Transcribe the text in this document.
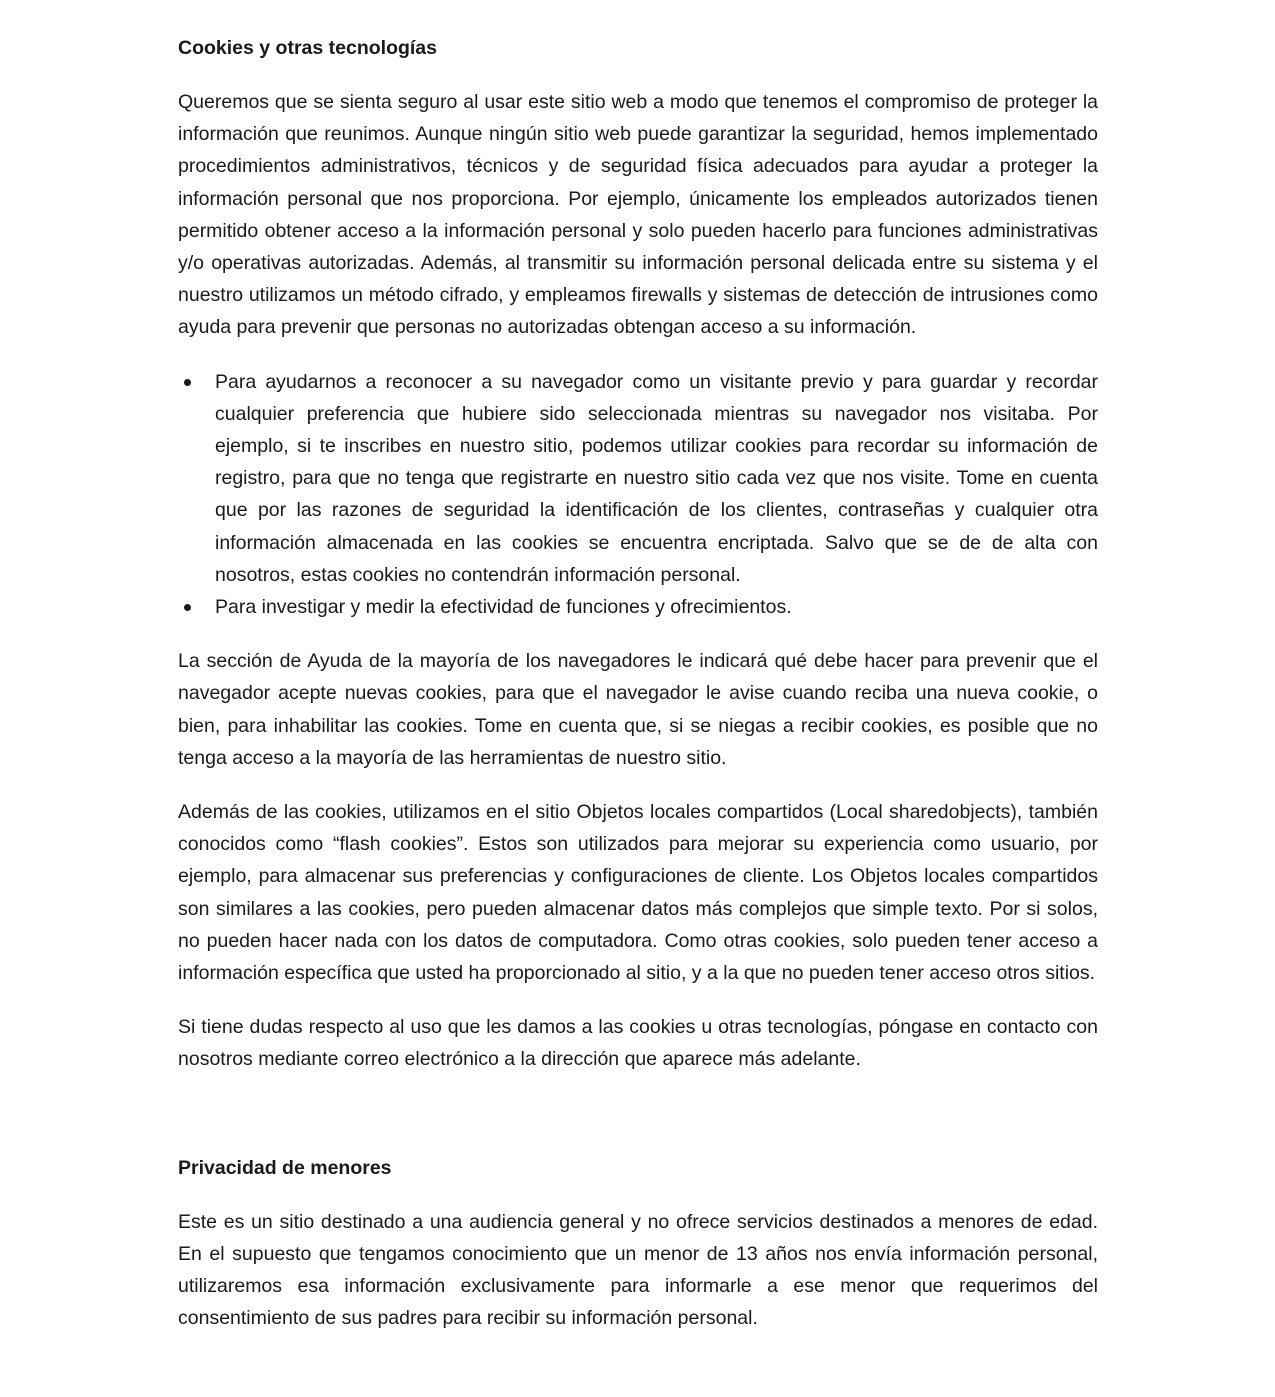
Cookies y otras tecnologías

Queremos que se sienta seguro al usar este sitio web a modo que tenemos el compromiso de proteger la información que reunimos. Aunque ningún sitio web puede garantizar la seguridad, hemos implementado procedimientos administrativos, técnicos y de seguridad física adecuados para ayudar a proteger la información personal que nos proporciona. Por ejemplo, únicamente los empleados autorizados tienen permitido obtener acceso a la información personal y solo pueden hacerlo para funciones administrativas y/o operativas autorizadas. Además, al transmitir su información personal delicada entre su sistema y el nuestro utilizamos un método cifrado, y empleamos firewalls y sistemas de detección de intrusiones como ayuda para prevenir que personas no autorizadas obtengan acceso a su información.

Para ayudarnos a reconocer a su navegador como un visitante previo y para guardar y recordar cualquier preferencia que hubiere sido seleccionada mientras su navegador nos visitaba. Por ejemplo, si te inscribes en nuestro sitio, podemos utilizar cookies para recordar su información de registro, para que no tenga que registrarte en nuestro sitio cada vez que nos visite. Tome en cuenta que por las razones de seguridad la identificación de los clientes, contraseñas y cualquier otra información almacenada en las cookies se encuentra encriptada. Salvo que se de de alta con nosotros, estas cookies no contendrán información personal.
Para investigar y medir la efectividad de funciones y ofrecimientos.

La sección de Ayuda de la mayoría de los navegadores le indicará qué debe hacer para prevenir que el navegador acepte nuevas cookies, para que el navegador le avise cuando reciba una nueva cookie, o bien, para inhabilitar las cookies. Tome en cuenta que, si se niegas a recibir cookies, es posible que no tenga acceso a la mayoría de las herramientas de nuestro sitio.

Además de las cookies, utilizamos en el sitio Objetos locales compartidos (Local sharedobjects), también conocidos como “flash cookies”. Estos son utilizados para mejorar su experiencia como usuario, por ejemplo, para almacenar sus preferencias y configuraciones de cliente. Los Objetos locales compartidos son similares a las cookies, pero pueden almacenar datos más complejos que simple texto. Por si solos, no pueden hacer nada con los datos de computadora. Como otras cookies, solo pueden tener acceso a información específica que usted ha proporcionado al sitio, y a la que no pueden tener acceso otros sitios.

Si tiene dudas respecto al uso que les damos a las cookies u otras tecnologías, póngase en contacto con nosotros mediante correo electrónico a la dirección que aparece más adelante.

Privacidad de menores

Este es un sitio destinado a una audiencia general y no ofrece servicios destinados a menores de edad. En el supuesto que tengamos conocimiento que un menor de 13 años nos envía información personal, utilizaremos esa información exclusivamente para informarle a ese menor que requerimos del consentimiento de sus padres para recibir su información personal.
